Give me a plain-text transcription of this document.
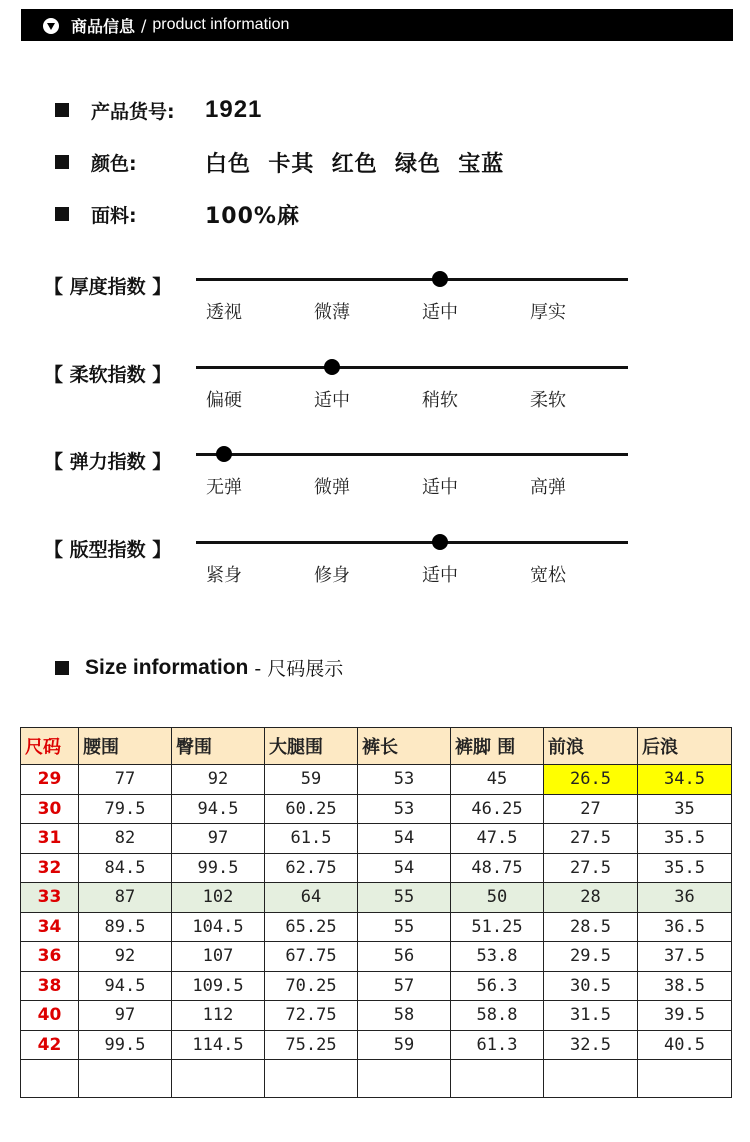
商品信息 / product information
产品货号:	1921
颜色:	白色  卡其  红色  绿色  宝蓝
面料:	100%麻
【 厚度指数 】
透视	微薄	适中	厚实
【 柔软指数 】
偏硬	适中	稍软	柔软
【 弹力指数 】
无弹	微弹	适中	高弹
【 版型指数 】
紧身	修身	适中	宽松
Size information - 尺码展示
尺码	腰围	臀围	大腿围	裤长	裤脚 围	前浪	后浪
29	77	92	59	53	45	26.5	34.5
30	79.5	94.5	60.25	53	46.25	27	35
31	82	97	61.5	54	47.5	27.5	35.5
32	84.5	99.5	62.75	54	48.75	27.5	35.5
33	87	102	64	55	50	28	36
34	89.5	104.5	65.25	55	51.25	28.5	36.5
36	92	107	67.75	56	53.8	29.5	37.5
38	94.5	109.5	70.25	57	56.3	30.5	38.5
40	97	112	72.75	58	58.8	31.5	39.5
42	99.5	114.5	75.25	59	61.3	32.5	40.5
